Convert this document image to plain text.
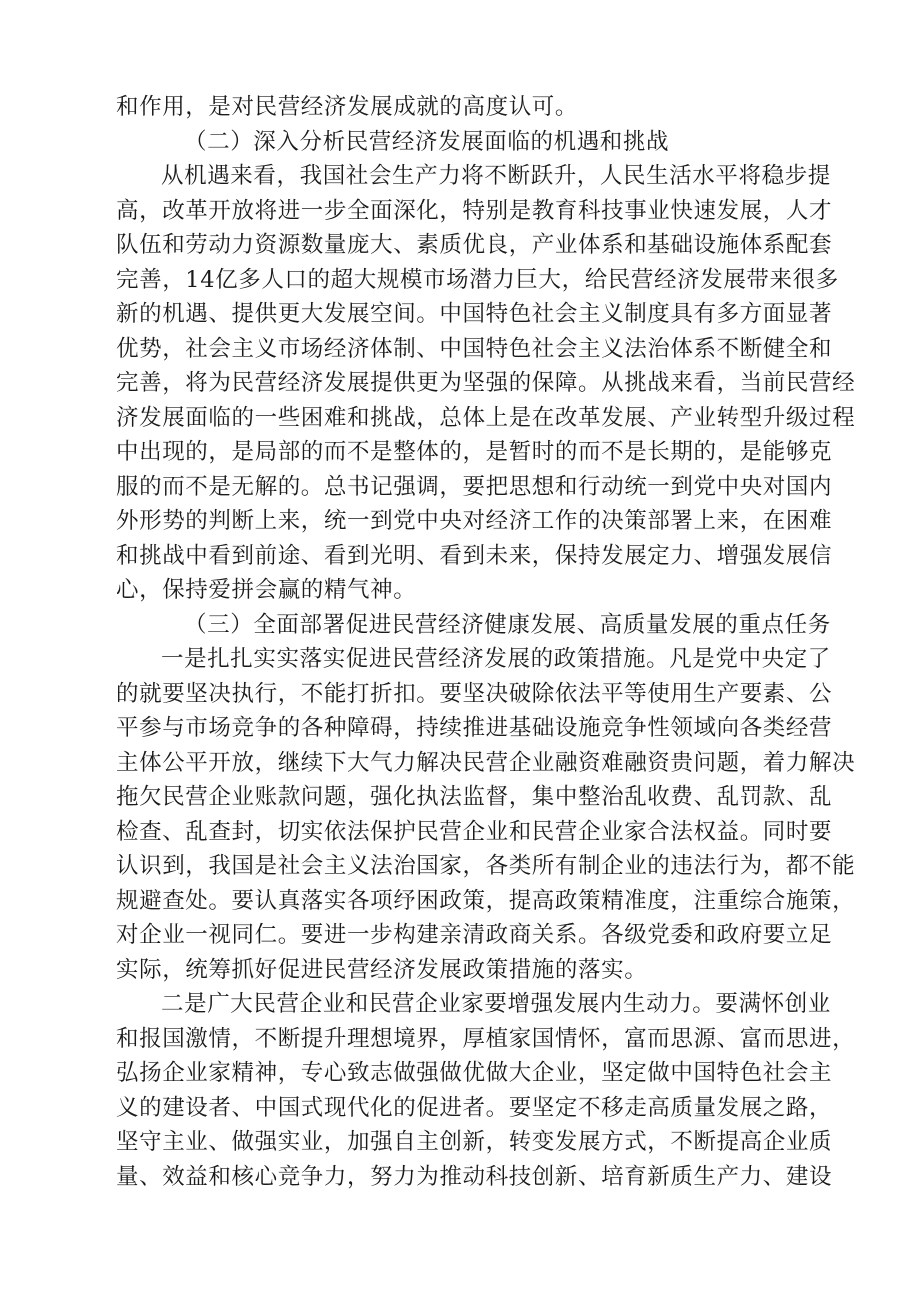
和作用，是对民营经济发展成就的高度认可。
（二）深入分析民营经济发展面临的机遇和挑战
从机遇来看，我国社会生产力将不断跃升，人民生活水平将稳步提
高，改革开放将进一步全面深化，特别是教育科技事业快速发展，人才
队伍和劳动力资源数量庞大、素质优良，产业体系和基础设施体系配套
完善，14亿多人口的超大规模市场潜力巨大，给民营经济发展带来很多
新的机遇、提供更大发展空间。中国特色社会主义制度具有多方面显著
优势，社会主义市场经济体制、中国特色社会主义法治体系不断健全和
完善，将为民营经济发展提供更为坚强的保障。从挑战来看，当前民营经
济发展面临的一些困难和挑战，总体上是在改革发展、产业转型升级过程
中出现的，是局部的而不是整体的，是暂时的而不是长期的，是能够克
服的而不是无解的。总书记强调，要把思想和行动统一到党中央对国内
外形势的判断上来，统一到党中央对经济工作的决策部署上来，在困难
和挑战中看到前途、看到光明、看到未来，保持发展定力、增强发展信
心，保持爱拼会赢的精气神。
（三）全面部署促进民营经济健康发展、高质量发展的重点任务
一是扎扎实实落实促进民营经济发展的政策措施。凡是党中央定了
的就要坚决执行，不能打折扣。要坚决破除依法平等使用生产要素、公
平参与市场竞争的各种障碍，持续推进基础设施竞争性领域向各类经营
主体公平开放，继续下大气力解决民营企业融资难融资贵问题，着力解决
拖欠民营企业账款问题，强化执法监督，集中整治乱收费、乱罚款、乱
检查、乱查封，切实依法保护民营企业和民营企业家合法权益。同时要
认识到，我国是社会主义法治国家，各类所有制企业的违法行为，都不能
规避查处。要认真落实各项纾困政策，提高政策精准度，注重综合施策，
对企业一视同仁。要进一步构建亲清政商关系。各级党委和政府要立足
实际，统筹抓好促进民营经济发展政策措施的落实。
二是广大民营企业和民营企业家要增强发展内生动力。要满怀创业
和报国激情，不断提升理想境界，厚植家国情怀，富而思源、富而思进，
弘扬企业家精神，专心致志做强做优做大企业，坚定做中国特色社会主
义的建设者、中国式现代化的促进者。要坚定不移走高质量发展之路，
坚守主业、做强实业，加强自主创新，转变发展方式，不断提高企业质
量、效益和核心竞争力，努力为推动科技创新、培育新质生产力、建设
